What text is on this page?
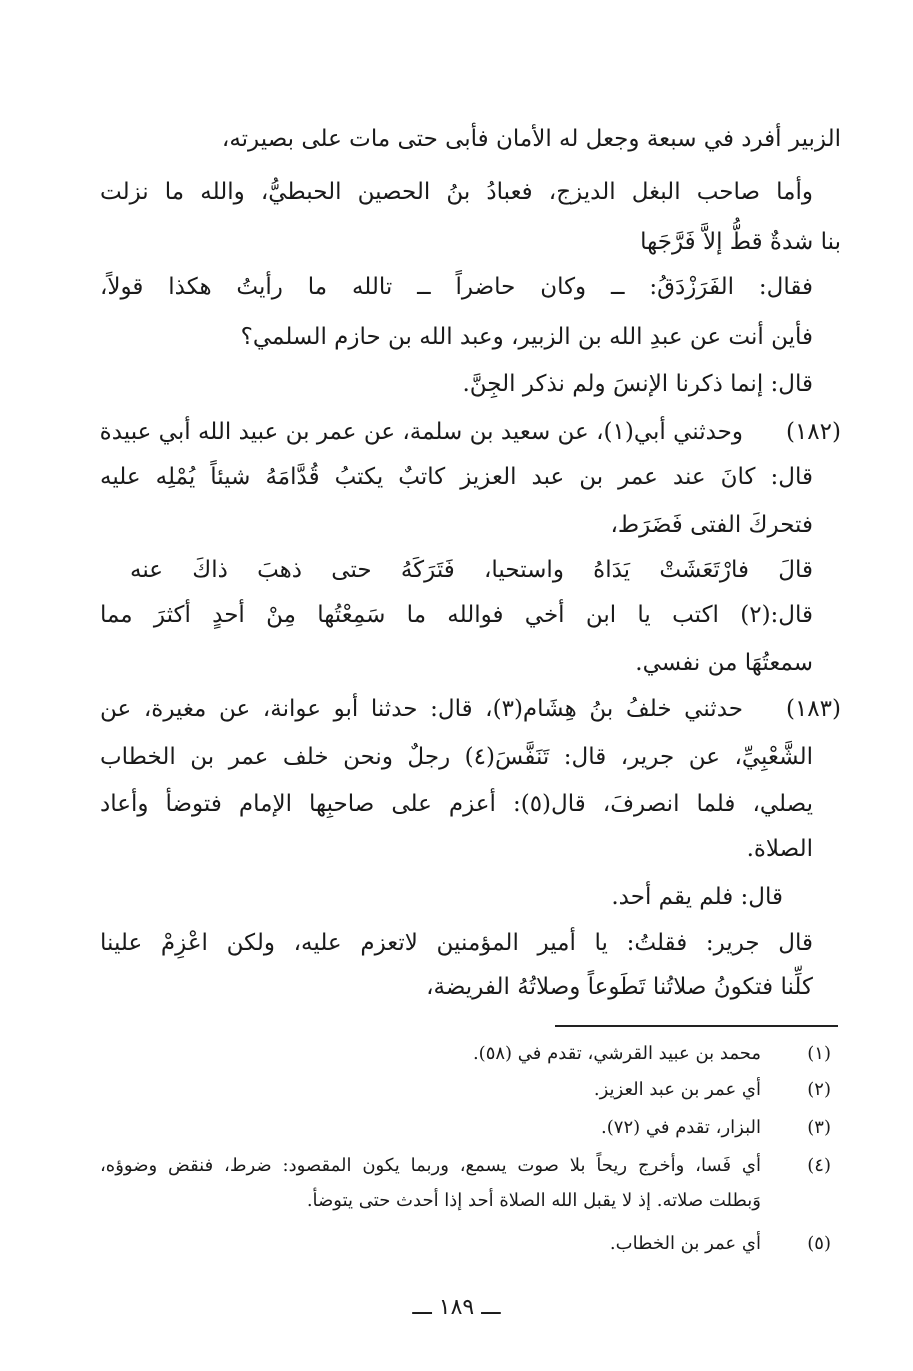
الزبير أفرد في سبعة وجعل له الأمان فأبى حتى مات على بصيرته،
وأما صاحب البغل الديزج، فعبادُ بنُ الحصين الحبطيُّ، والله ما نزلت
بنا شدةٌ قطُّ إلاَّ فَرَّجَها
فقال: الفَرَزْدَقُ: ــ وكان حاضراً ــ تالله ما رأيتُ هكذا قولاً،
فأين أنت عن عبدِ الله بن الزبير، وعبد الله بن حازم السلمي؟
قال: إنما ذكرنا الإنسَ ولم نذكر الجِنَّ.
(١٨٢)
وحدثني أبي(١)، عن سعيد بن سلمة، عن عمر بن عبيد الله أبي عبيدة
قال: كانَ عند عمر بن عبد العزيز كاتبٌ يكتبُ قُدَّامَهُ شيئاً يُمْلِه عليه
فتحركَ الفتى فَضَرَط،
قالَ فارْتَعَشَتْ يَدَاهُ واستحيا، فَتَرَكَهُ حتى ذهبَ ذاكَ عنه
قال:(٢) اكتب يا ابن أخي فوالله ما سَمِعْتُها مِنْ أحدٍ أكثرَ مما
سمعتُهَا من نفسي.
(١٨٣)
حدثني خلفُ بنُ هِشَام(٣)، قال: حدثنا أبو عوانة، عن مغيرة، عن
الشَّعْبِيِّ، عن جرير، قال: تَنَفَّسَ(٤) رجلٌ ونحن خلف عمر بن الخطاب
يصلي، فلما انصرفَ، قال(٥): أعزم على صاحبِها الإمام فتوضأ وأعاد
الصلاة.
قال: فلم يقم أحد.
قال جرير: فقلتُ: يا أمير المؤمنين لاتعزم عليه، ولكن اعْزِمْ علينا
كلِّنا فتكونُ صلاتُنا تَطَوعاً وصلاتُهُ الفريضة،
(١)
محمد بن عبيد القرشي، تقدم في (٥٨).
(٢)
أي عمر بن عبد العزيز.
(٣)
البزار، تقدم في (٧٢).
(٤)
أي فَسا، وأخرج ريحاً بلا صوت يسمع، وربما يكون المقصود: ضرط، فنقض وضوؤه،
وَبطلت صلاته. إذ لا يقبل الله الصلاة أحد إذا أحدث حتى يتوضأ.
(٥)
أي عمر بن الخطاب.
ـــ ١٨٩ ـــ
